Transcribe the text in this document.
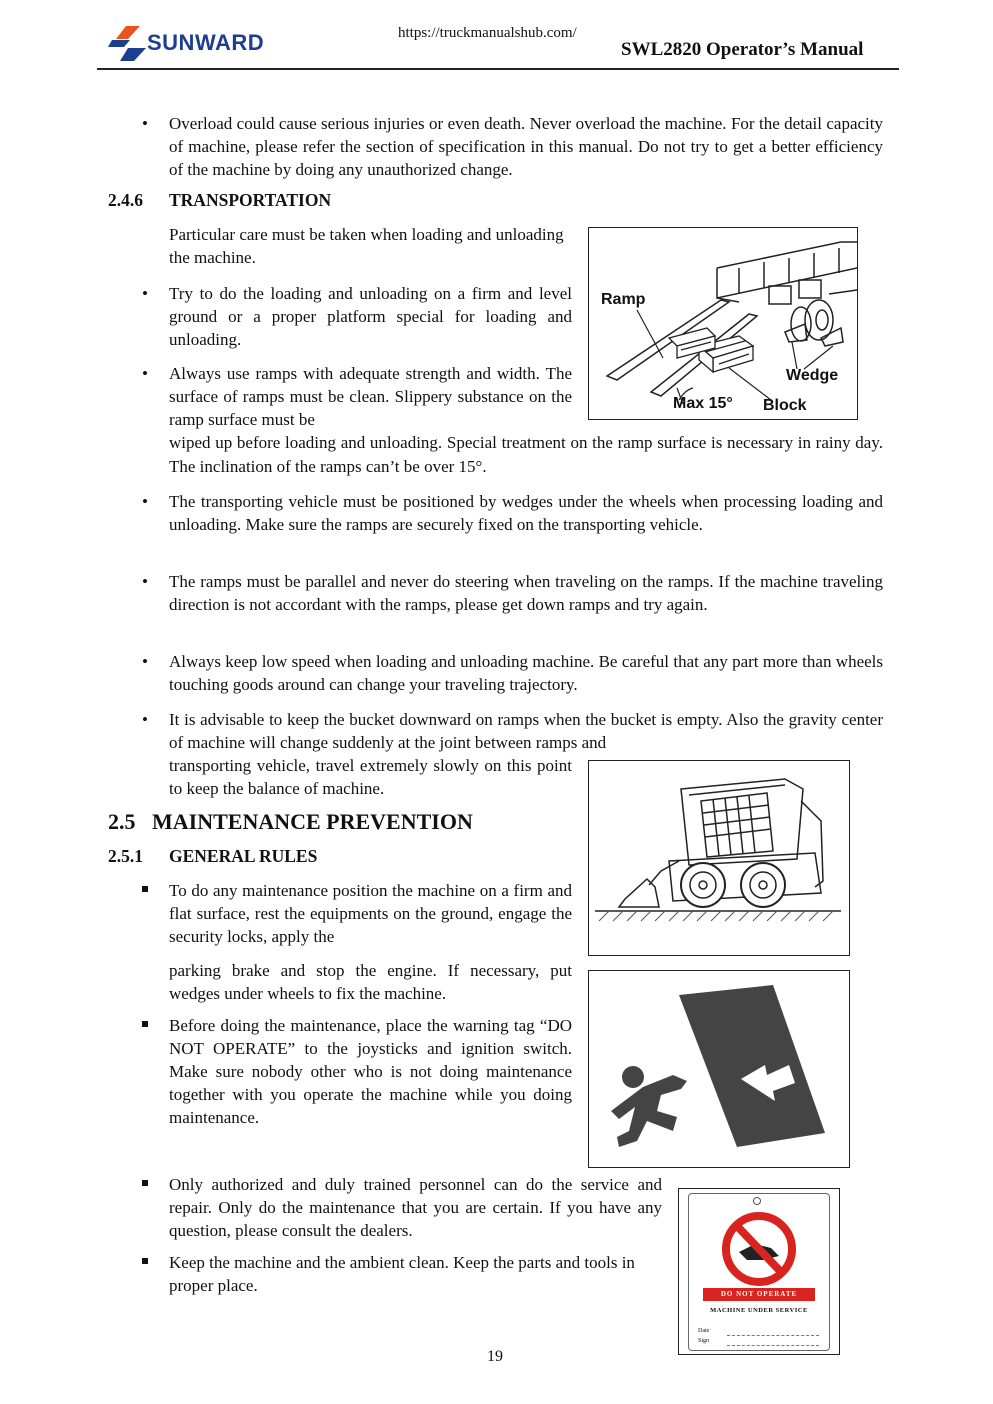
SUNWARD	https://truckmanualshub.com/
SWL2820 Operator’s Manual
• Overload could cause serious injuries or even death. Never overload the machine. For the detail capacity of machine, please refer the section of specification in this manual. Do not try to get a better efficiency of the machine by doing any unauthorized change.
2.4.6 TRANSPORTATION
Particular care must be taken when loading and unloading the machine.
• Try to do the loading and unloading on a firm and level ground or a proper platform special for loading and unloading.
• Always use ramps with adequate strength and width. The surface of ramps must be clean. Slippery substance on the ramp surface must be
wiped up before loading and unloading. Special treatment on the ramp surface is necessary in rainy day. The inclination of the ramps can’t be over 15°.
Ramp
Wedge
Max 15° Block
• The transporting vehicle must be positioned by wedges under the wheels when processing loading and unloading. Make sure the ramps are securely fixed on the transporting vehicle.
• The ramps must be parallel and never do steering when traveling on the ramps. If the machine traveling direction is not accordant with the ramps, please get down ramps and try again.
• Always keep low speed when loading and unloading machine. Be careful that any part more than wheels touching goods around can change your traveling trajectory.
• It is advisable to keep the bucket downward on ramps when the bucket is empty. Also the gravity center of machine will change suddenly at the joint between ramps and
transporting vehicle, travel extremely slowly on this point to keep the balance of machine.
2.5 MAINTENANCE PREVENTION
2.5.1 GENERAL RULES
To do any maintenance position the machine on a firm and flat surface, rest the equipments on the ground, engage the security locks, apply the
parking brake and stop the engine. If necessary, put wedges under wheels to fix the machine.
Before doing the maintenance, place the warning tag “DO NOT OPERATE” to the joysticks and ignition switch. Make sure nobody other who is not doing maintenance together with you operate the machine while you doing maintenance.
Only authorized and duly trained personnel can do the service and repair. Only do the maintenance that you are certain. If you have any question, please consult the dealers.
Keep the machine and the ambient clean. Keep the parts and tools in proper place.	DO NOT OPERATE
MACHINE UNDER SERVICE
Date
Sign
19
